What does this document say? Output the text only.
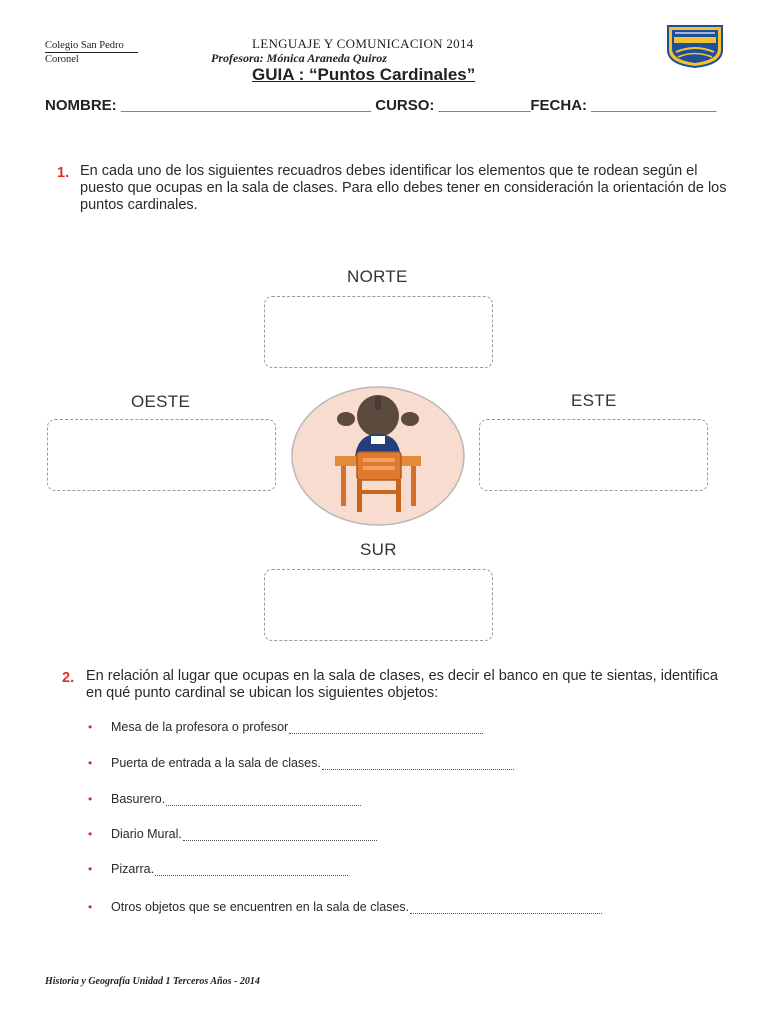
Colegio San Pedro
Coronel
LENGUAJE Y COMUNICACION 2014
Profesora: Mónica Araneda Quiroz
GUIA : “Puntos Cardinales”
NOMBRE: ______________________________ CURSO: ___________FECHA: _______________
1. En cada uno de los siguientes recuadros debes identificar los elementos que te rodean según el puesto que ocupas en la sala de clases. Para ello debes tener en consideración la orientación de los puntos cardinales.
NORTE
OESTE	ESTE
SUR
2. En relación al lugar que ocupas en la sala de clases, es decir el banco en que te sientas, identifica en qué punto cardinal se ubican los siguientes objetos:
•	Mesa de la profesora o profesor
•	Puerta de entrada a la sala de clases.
•	Basurero.
•	Diario Mural.
•	Pizarra.
•	Otros objetos que se encuentren en la sala de clases.
Historia y Geografía Unidad 1 Terceros Años - 2014
